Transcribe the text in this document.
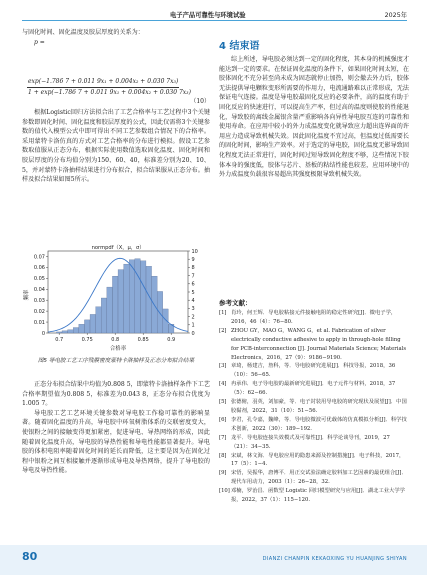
电子产品可靠性与环境试验	2025年

与固化时间、固化温度及胶层厚度的关系为：

p =

exp(−1.786 7 + 0.011 9x₁ + 0.004x₂ + 0.030 7x₃)
1 + exp(−1.786 7 + 0.011 9x₁ + 0.004x₂ + 0.030 7x₃)
（10）

根据Logistic回归方法拟合出了工艺合格率与工艺过程中3个关键参数即固化时间、固化温度和胶层厚度的公式，因此仅需将3个关键参数的值代入模型公式中即可得出不同工艺参数组合情况下的合格率。采用蒙特卡洛仿真的方式对工艺合格率的分布进行模拟。假设工艺参数取值服从正态分布，根据实际使用数值选取固化温度、固化时间和胶层厚度的分布均值分别为150、60、40，标准差分别为20、10、5，并对蒙特卡洛抽样结果进行分布拟合，拟合结果服从正态分布。抽样及拟合结果如图5所示。

normpdf（X，μ，σ）
合格率
频率
0.7	0.75	0.8	0.85	0.9
0
0.01
0.02
0.03
0.04
0.05
0.06
0.07
0
1
2
3
4
5
6
7
8
9
10
图5 导电胶工艺工序残膜密度蒙特卡洛抽样及正态分布拟合结果

正态分布拟合结果中均值为0.808 5，即蒙特卡洛抽样条件下工艺合格率期望值为0.808 5，标准差为0.043 8，正态分布拟合优度为1.005 7。

导电胶工艺工艺环境关键参数对导电胶工作稳可靠性的影响显著。随着固化温度的升高，导电胶中环氧树脂体系的交联密度变大，使银粉之间的接触变得更加紧密，促进导电、导热网络的形成，因此随着固化温度升高，导电胶的导热性能和导电性能都显著提升。导电胶的体积电阻率随着固化时间的延长而降低，这主要是因为在固化过程中银粉之间互相接触并逐渐形成导电及导热网络，提升了导电胶的导电及导热性能。

4 结束语

综上所述，导电胶必须达到一定的固化程度，其本身的机械强度才能达到一定的要求。在保证固化温度的条件下，如果固化时间太短，在胶体固化不充分甚至尚未成为固态就停止加热，则会撤去外力后，胶体无法提供导电颗粒变形所需要的作用力，电流通路难以正常形成，无法保证电气连接。温度是导电胶最固化反应的必要条件，高的温度有助于固化反应的快速进行，可以提高生产率，但过高的温度则使胶的性能退化，导致胶的离线金属银含量严重影响各向异性导电胶互连的可靠性和使用寿命。在应用中较小的外力成温度变化就导致应力超出连界面的许用应力造成导致机械失效。因此固化温度不宜过高，但温度过低需要长的固化时间，影响生产效率。对于选定的导电胶，固化温度无影导致固化程度无法正常进行，固化时间过短导致固化程度不够，这些情况下胶体本身的强度低，胶体与芯片、基板的粘结性能也较差，应用环境中的外力成温度负载很容易超出其强度极限导致机械失效。

参考文献：
[1] 肖玲，何王辉．导电胶粘接元件接触电阻的稳定性研究[J]．微电子学，2016，46（4）：76−80.
[2] ZHOU GY，MAO G，WANG G，et al. Fabrication of silver electrically conductive adhesive to apply in through-hole filling for PCB-interconnection [J]. Journal Materials Science; Materials Electronics，2016，27（9）：9186−9190.
[3] 章琦，杨建吉，詹科，等．导电胶研究进展[J]．科技导报，2018，36（10）：56−65.
[4] 冉承伟．电子导电胶的最新研究进展[J]．电子元件与材料，2018，37（5）：62−66.
[5] 张德俯，羽英，刘加豪，等．电子封装用导电胶的研究现状及展望[J]．中国胶黏剂，2022，31（10）：51−56.
[6] 李君，孔令嘉，魏峰，等．导电胶微波可优载体的仿真模拟分析[J]．科学技术创新，2022（30）：189−192.
[7] 龙平．导电胶连接失效模式及可靠性[J]．科学论谈导刊，2019，27（21）：34−35.
[8] 宋斌，林文海．导电胶应用的隐患来源及控制措施[J]．电子科技，2017，17（5）：1−4.
[9] 宋悟，吴振华，唐博平．用正交试验法确定胶料加工艺因素的最优组合[J]．现代车用动力，2003（1）：26−28，32.
[10] 邓楠，罗治昌．函数型 Logistic 回归模型研究与应用[J]．湖北工业大学学报，2022，37（1）：115−120.
80	DIANZI CHANPIN KEKAOXING YU HUANJING SHIYAN
